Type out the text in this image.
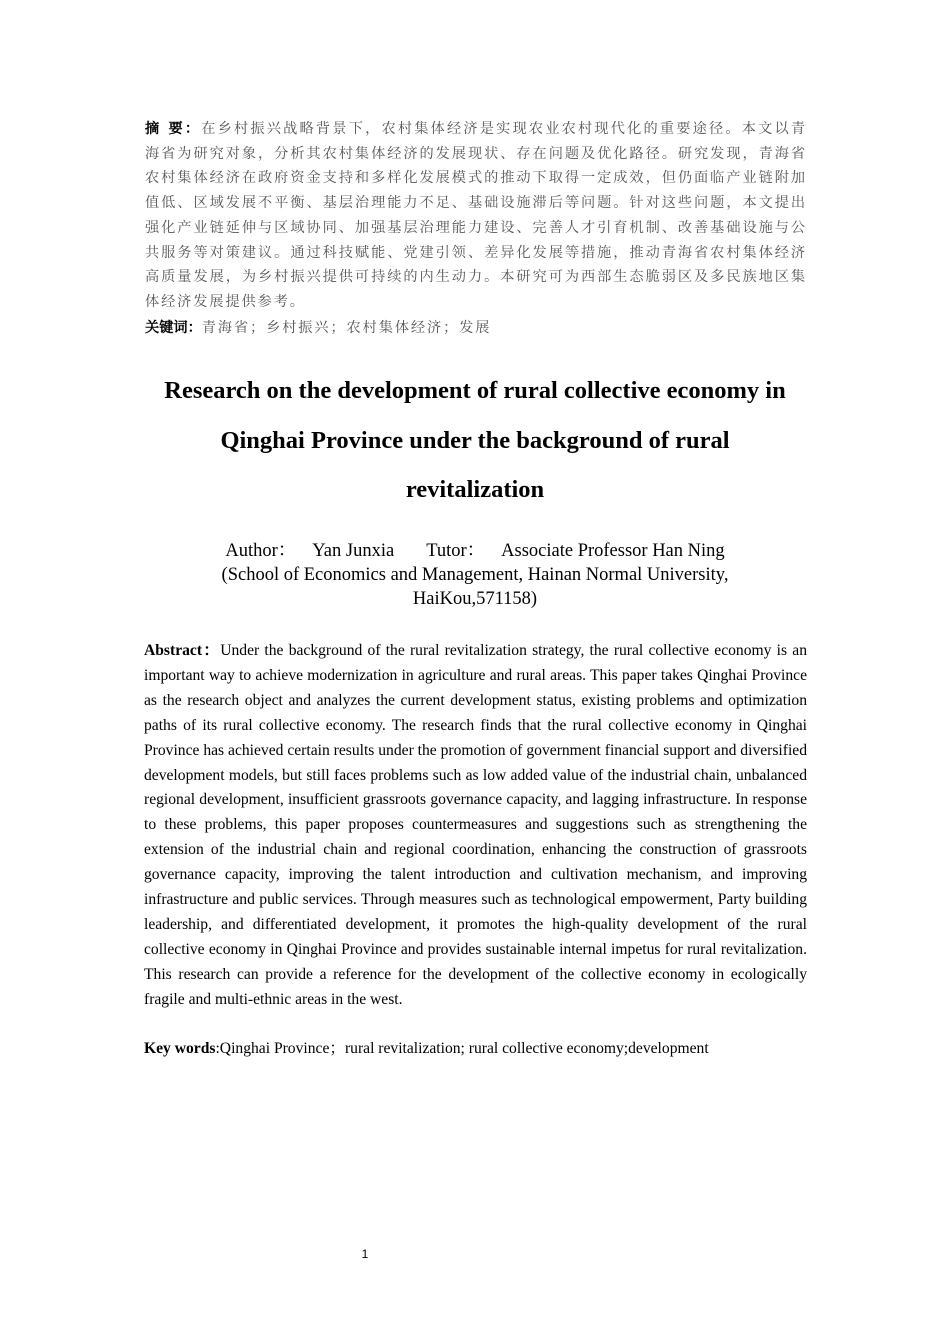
摘 要：在乡村振兴战略背景下，农村集体经济是实现农业农村现代化的重要途径。本文以青海省为研究对象，分析其农村集体经济的发展现状、存在问题及优化路径。研究发现，青海省农村集体经济在政府资金支持和多样化发展模式的推动下取得一定成效，但仍面临产业链附加值低、区域发展不平衡、基层治理能力不足、基础设施滞后等问题。针对这些问题，本文提出强化产业链延伸与区域协同、加强基层治理能力建设、完善人才引育机制、改善基础设施与公共服务等对策建议。通过科技赋能、党建引领、差异化发展等措施，推动青海省农村集体经济高质量发展，为乡村振兴提供可持续的内生动力。本研究可为西部生态脆弱区及多民族地区集体经济发展提供参考。
关键词：青海省；乡村振兴；农村集体经济；发展
Research on the development of rural collective economy in
Qinghai Province under the background of rural
revitalization
Author： Yan Junxia Tutor： Associate Professor Han Ning
(School of Economics and Management, Hainan Normal University,
HaiKou,571158)
Abstract：Under the background of the rural revitalization strategy, the rural collective economy is an important way to achieve modernization in agriculture and rural areas. This paper takes Qinghai Province as the research object and analyzes the current development status, existing problems and optimization paths of its rural collective economy. The research finds that the rural collective economy in Qinghai Province has achieved certain results under the promotion of government financial support and diversified development models, but still faces problems such as low added value of the industrial chain, unbalanced regional development, insufficient grassroots governance capacity, and lagging infrastructure. In response to these problems, this paper proposes countermeasures and suggestions such as strengthening the extension of the industrial chain and regional coordination, enhancing the construction of grassroots governance capacity, improving the talent introduction and cultivation mechanism, and improving infrastructure and public services. Through measures such as technological empowerment, Party building leadership, and differentiated development, it promotes the high-quality development of the rural collective economy in Qinghai Province and provides sustainable internal impetus for rural revitalization. This research can provide a reference for the development of the collective economy in ecologically fragile and multi-ethnic areas in the west.
Key words:Qinghai Province；rural revitalization; rural collective economy;development
1
